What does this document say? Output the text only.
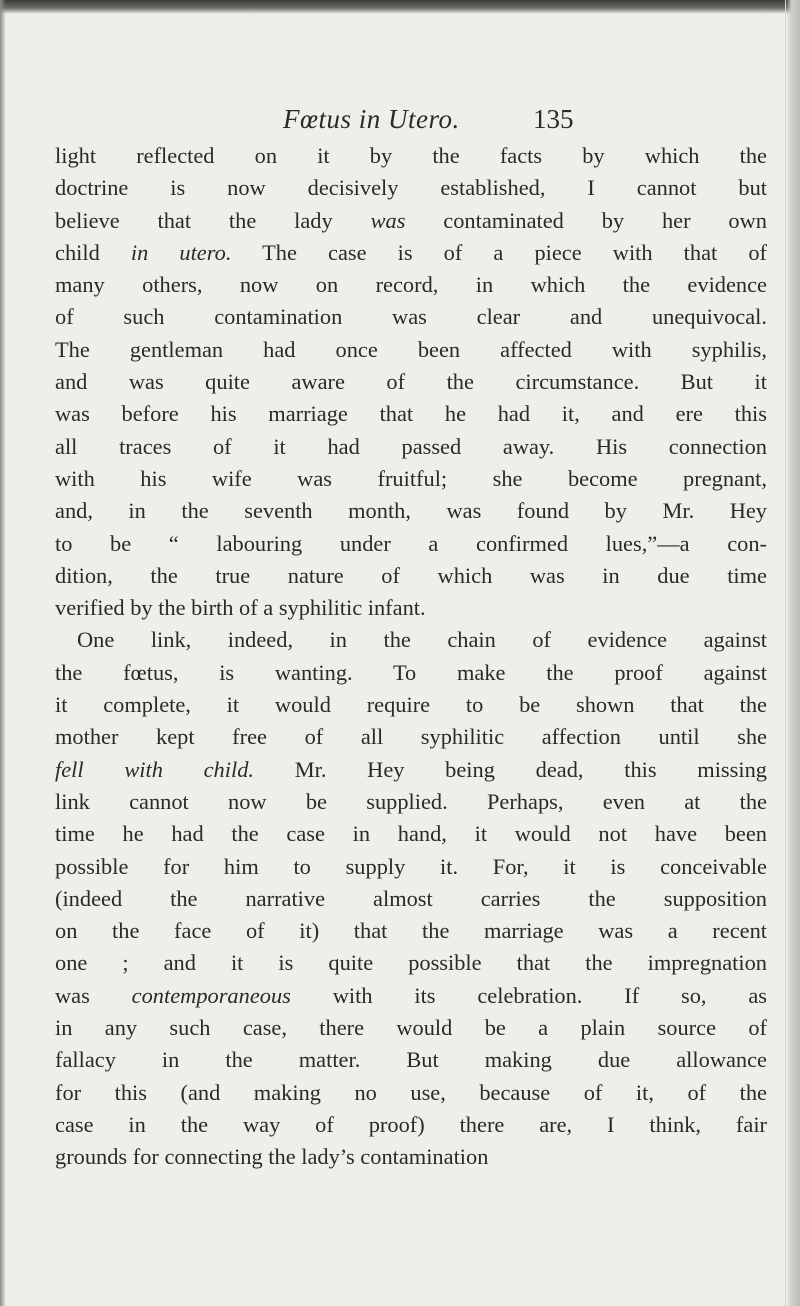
Fœtus in Utero.	135
light reflected on it by the facts by which the
doctrine is now decisively established, I cannot but
believe that the lady was contaminated by her own
child in utero. The case is of a piece with that of
many others, now on record, in which the evidence
of such contamination was clear and unequivocal.
The gentleman had once been affected with syphilis,
and was quite aware of the circumstance. But it
was before his marriage that he had it, and ere this
all traces of it had passed away. His connection
with his wife was fruitful; she become pregnant,
and, in the seventh month, was found by Mr. Hey
to be “ labouring under a confirmed lues,”—a con-
dition, the true nature of which was in due time
verified by the birth of a syphilitic infant.
One link, indeed, in the chain of evidence against
the fœtus, is wanting. To make the proof against
it complete, it would require to be shown that the
mother kept free of all syphilitic affection until she
fell with child. Mr. Hey being dead, this missing
link cannot now be supplied. Perhaps, even at the
time he had the case in hand, it would not have been
possible for him to supply it. For, it is conceivable
(indeed the narrative almost carries the supposition
on the face of it) that the marriage was a recent
one ; and it is quite possible that the impregnation
was contemporaneous with its celebration. If so, as
in any such case, there would be a plain source of
fallacy in the matter. But making due allowance
for this (and making no use, because of it, of the
case in the way of proof) there are, I think, fair
grounds for connecting the lady’s contamination
